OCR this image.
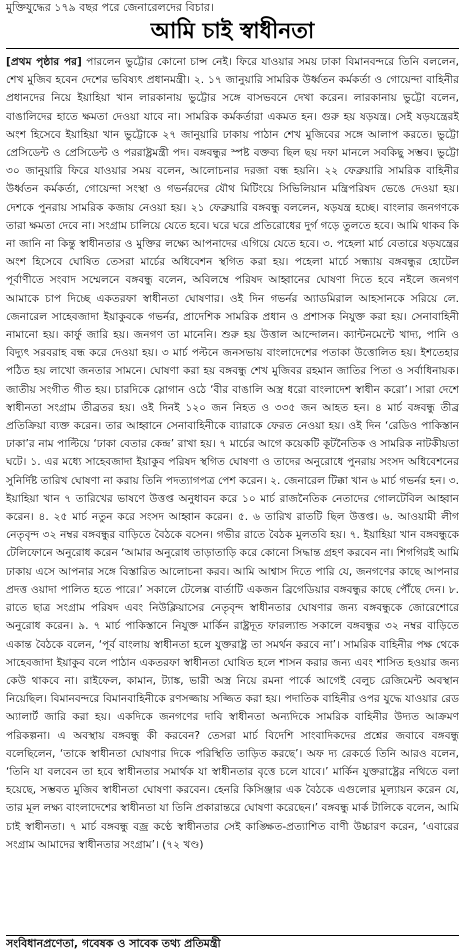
মুক্তিযুদ্ধের ১৭৯ বছর পরে জেনারেলদের বিচার।
আমি চাই স্বাধীনতা

[প্রথম পৃষ্ঠার পর] পারলেন ভুট্টোর কোনো চান্স নেই। ফিরে যাওয়ার সময় ঢাকা বিমানবন্দরে তিনি বললেন, শেখ মুজিব হবেন দেশের ভবিষ্যৎ প্রধানমন্ত্রী। ২. ১৭ জানুয়ারি সামরিক উর্ধ্বতন কর্মকর্তা ও গোয়েন্দা বাহিনীর প্রধানদের নিয়ে ইয়াহিয়া খান লারকানায় ভুট্টোর সঙ্গে বাসভবনে দেখা করেন। লারকানায় ভুট্টো বলেন, বাঙালিদের হাতে ক্ষমতা দেওয়া যাবে না। সামরিক কর্মকর্তারা একমত হন। গুরু হয় ষড়যন্ত্র। সেই ষড়যন্ত্রেরই অংশ হিসেবে ইয়াহিয়া খান ভুট্টোকে ২৭ জানুয়ারি ঢাকায় পাঠান শেখ মুজিবের সঙ্গে আলাপ করতে। ভুট্টো প্রেসিডেন্ট ও প্রেসিডেন্ট ও পররাষ্ট্রমন্ত্রী পদ। বঙ্গবন্ধুর স্পষ্ট বক্তব্য ছিল ছয় দফা মানলে সবকিছু সম্ভব। ভুট্টো ৩০ জানুয়ারি ফিরে যাওয়ার সময় বলেন, আলোচনার দরজা বন্ধ হয়নি। ২২ ফেব্রুয়ারি সামরিক বাহিনীর উর্ধ্বতন কর্মকর্তা, গোয়েন্দা সংস্থা ও গভর্নরদের যৌথ মিটিংয়ে সিভিলিয়ান মন্ত্রিপরিষদ ভেঙে দেওয়া হয়। দেশকে পুনরায় সামরিক কজায় নেওয়া হয়। ২১ ফেব্রুয়ারি বঙ্গবন্ধু বললেন, ষড়যন্ত্র হচ্ছে। বাংলার জনগণকে তারা ক্ষমতা দেবে না। সংগ্রাম চালিয়ে যেতে হবে। ঘরে ঘরে প্রতিরোধের দুর্গ গড়ে তুলতে হবে। আমি থাকব কি না জানি না কিন্তু স্বাধীনতার ও মুক্তির লক্ষ্যে আপনাদের এগিয়ে যেতে হবে। ৩. পহেলা মার্চ বেতারে ষড়যন্ত্রের অংশ হিসেবে ঘোষিত তেসরা মার্চের অধিবেশন স্থগিত করা হয়। পহেলা মার্চে সন্ধ্যায় বঙ্গবন্ধুর হোটেল পূর্বাণীতে সংবাদ সম্মেলনে বঙ্গবন্ধু বলেন, অবিলম্বে পরিষদ আহ্বানের ঘোষণা দিতে হবে নইলে জনগণ আমাকে চাপ দিচ্ছে একতরফা স্বাধীনতা ঘোষণার। ওই দিন গভর্নর অ্যাডমিরাল আহসানকে সরিয়ে লে. জেনারেল সাহেবজাদা ইয়াকুবকে গভর্নর, প্রাদেশিক সামরিক প্রধান ও প্রশাসক নিযুক্ত করা হয়। সেনাবাহিনী নামানো হয়। কার্ফু জারি হয়। জনগণ তা মানেনি। শুরু হয় উত্তাল আন্দোলন। ক্যান্টনমেন্টে খাদ্য, পানি ও বিদ্যুৎ সরবরাহ বন্ধ করে দেওয়া হয়। ৩ মার্চ পল্টনে জনসভায় বাংলাদেশের পতাকা উত্তোলিত হয়। ইশতেহার পঠিত হয় লাখো জনতার সামনে। ঘোষণা করা হয় বঙ্গবন্ধু শেখ মুজিবর রহমান জাতির পিতা ও সর্বাধিনায়ক। জাতীয় সংগীত গীত হয়। চারদিকে স্লোগান ওঠে ‘বীর বাঙালি অস্ত্র ধরো বাংলাদেশ স্বাধীন করো’। সারা দেশে স্বাধীনতা সংগ্রাম তীব্রতর হয়। ওই দিনই ১২০ জন নিহত ও ৩৩৫ জন আহত হন। ৪ মার্চ বঙ্গবন্ধু তীব্র প্রতিক্রিয়া ব্যক্ত করেন। তার আহ্বানে সেনাবাহিনীকে ব্যারাকে ফেরত নেওয়া হয়। ওই দিন ‘রেডিও পাকিস্তান ঢাকা’র নাম পাল্টিয়ে ‘ঢাকা বেতার কেন্দ্র’ রাখা হয়। ৭ মার্চের আগে কয়েকটি কূটনৈতিক ও সামরিক নাটকীয়তা ঘটে। ১. এর মধ্যে সাহেবজাদা ইয়াকুব পরিষদ স্থগিত ঘোষণা ও তাদের অনুরোধে পুনরায় সংসদ অধিবেশনের সুনির্দিষ্ট তারিখ ঘোষণা না করায় তিনি পদত্যাগপত্র পেশ করেন। ২. জেনারেল টিক্কা খান ৬ মার্চ গভর্নর হন। ৩. ইয়াহিয়া খান ৭ তারিখের ভাষণে উত্তপ্ত অনুধাবন করে ১০ মার্চ রাজনৈতিক নেতাদের গোলটেবিল আহ্বান করেন। ৪. ২৫ মার্চ নতুন করে সংসদ আহ্বান করেন। ৫. ৬ তারিখ রাতটি ছিল উত্তপ্ত। ৬. আওয়ামী লীগ নেতৃবৃন্দ ৩২ নম্বর বঙ্গবন্ধুর বাড়িতে বৈঠকে বসেন। গভীর রাতে বৈঠক মুলতবি হয়। ৭. ইয়াহিয়া খান বঙ্গবন্ধুকে টেলিফোনে অনুরোধ করেন ‘আমার অনুরোধ তাড়াতাড়ি করে কোনো সিদ্ধান্ত গ্রহণ করবেন না। শিগগিরই আমি ঢাকায় এসে আপনার সঙ্গে বিস্তারিত আলোচনা করব। আমি আশ্বাস দিতে পারি যে, জনগণের কাছে আপনার প্রদত্ত ওয়াদা পালিত হতে পারে।’ সকালে টেলেক্স বার্তাটি একজন ব্রিগেডিয়ার বঙ্গবন্ধুর কাছে পৌঁছে দেন। ৮. রাতে ছাত্র সংগ্রাম পরিষদ এবং নিউক্লিয়াসের নেতৃবৃন্দ স্বাধীনতার ঘোষণার জন্য বঙ্গবন্ধুকে জোরেশোরে অনুরোধ করেন। ৯. ৭ মার্চ পাকিস্তানে নিযুক্ত মার্কিন রাষ্ট্রদূত ফারল্যান্ড সকালে বঙ্গবন্ধুর ৩২ নম্বর বাড়িতে একান্ত বৈঠকে বলেন, ‘পূর্ব বাংলায় স্বাধীনতা হলে যুক্তরাষ্ট্র তা সমর্থন করবে না’। সামরিক বাহিনীর পক্ষ থেকে সাহেবজাদা ইয়াকুব বলে পাঠান একতরফা স্বাধীনতা ঘোষিত হলে শাসন করার জন্য এবং শাসিত হওয়ার জন্য কেউ থাকবে না। রাইফেল, কামান, ট্যাঙ্ক, ভারী অস্ত্র নিয়ে রমনা পার্কে আগেই বেলুচ রেজিমেন্ট অবস্থান নিয়েছিল। বিমানবন্দরে বিমানবাহিনীকে রণসজ্জায় সজ্জিত করা হয়। পদাতিক বাহিনীর ওপর যুদ্ধে যাওয়ার রেড অ্যালার্ট জারি করা হয়। একদিকে জনগণের দাবি স্বাধীনতা অন্যদিকে সামরিক বাহিনীর উদ্যত আক্রমণ পরিকল্পনা। এ অবস্থায় বঙ্গবন্ধু কী করবেন? তেসরা মার্চ বিদেশি সাংবাদিকদের প্রশ্নের জবাবে বঙ্গবন্ধু বলেছিলেন, ‘তাকে স্বাধীনতা ঘোষণার দিকে পরিস্থিতি তাড়িত করছে’। অফ দ্য রেকর্ডে তিনি আরও বলেন, ‘তিনি যা বলবেন তা হবে স্বাধীনতার সমার্থক যা স্বাধীনতার বৃত্তে চলে যাবে।’ মার্কিন যুক্তরাষ্ট্রের নথিতে বলা হয়েছে, সম্ভবত মুজিব স্বাধীনতা ঘোষণা করবেন। হেনরি কিসিঞ্জার এক বৈঠকে এগুলোর মূল্যায়ন করেন যে, তার মূল লক্ষ্য বাংলাদেশের স্বাধীনতা যা তিনি প্রকারান্তরে ঘোষণা করেছেন।’ বঙ্গবন্ধু মার্ক টালিকে বলেন, আমি চাই স্বাধীনতা। ৭ মার্চ বঙ্গবন্ধু বজ্র কণ্ঠে স্বাধীনতার সেই কাঙ্ক্ষিত-প্রত্যাশিত বাণী উচ্চারণ করেন, ‘এবারের সংগ্রাম আমাদের স্বাধীনতার সংগ্রাম’। (৭২ খণ্ড)

সংবিধানপ্রণেতা, গবেষক ও সাবেক তথ্য প্রতিমন্ত্রী
